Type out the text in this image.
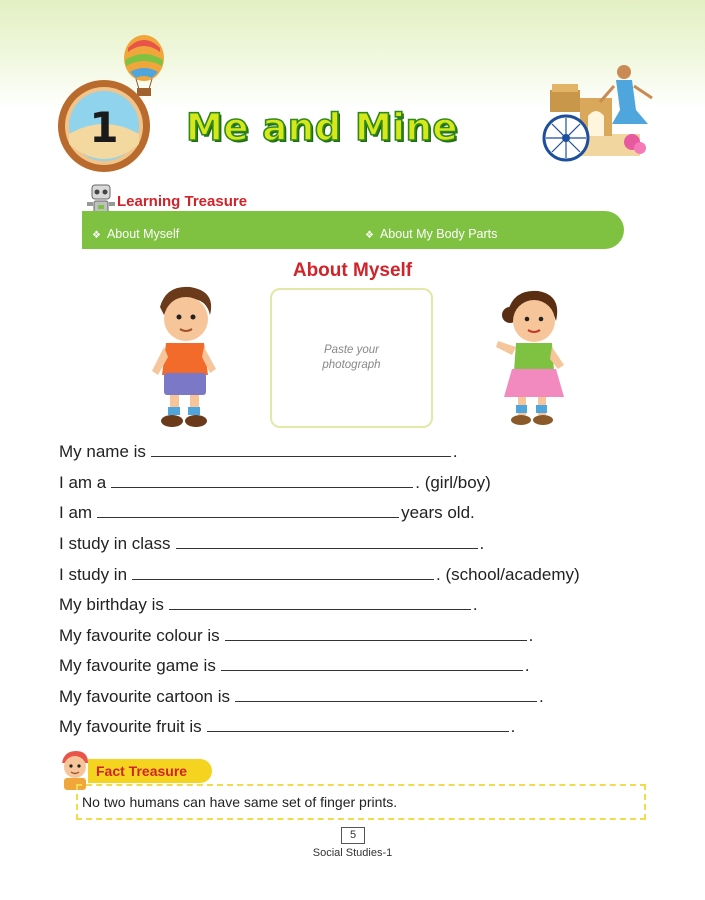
1 Me and Mine
Learning Treasure
❖ About Myself	❖ About My Body Parts
About Myself
Paste your photograph
My name is	.
I am a	. (girl/boy)
I am	years old.
I study in class	.
I study in	. (school/academy)
My birthday is	.
My favourite colour is	.
My favourite game is	.
My favourite cartoon is	.
My favourite fruit is	.
Fact Treasure
No two humans can have same set of finger prints.
5
Social Studies-1
